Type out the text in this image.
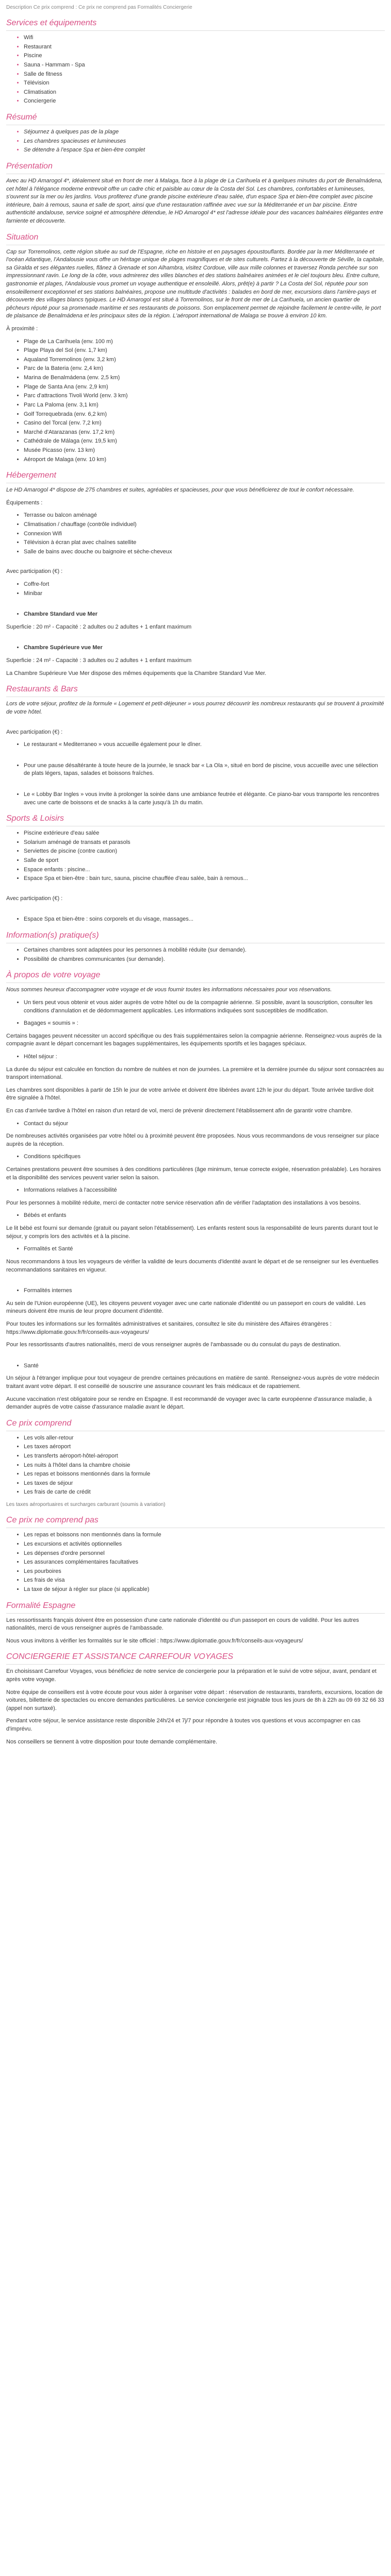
Description Ce prix comprend : Ce prix ne comprend pas Formalités Conciergerie

Services et équipements
• Wifi
• Restaurant
• Piscine
• Sauna - Hammam - Spa
• Salle de fitness
• Télévision
• Climatisation
• Conciergerie
Résumé
• Séjournez à quelques pas de la plage
• Les chambres spacieuses et lumineuses
• Se détendre à l'espace Spa et bien-être complet
Présentation

Avec au HD Amarogol 4*, idéalement situé en front de mer à Malaga, face à la plage de La Carihuela et à quelques minutes du port de Benalmádena, cet hôtel à l'élégance moderne entrevoit offre un cadre chic et paisible au cœur de la Costa del Sol. Les chambres, confortables et lumineuses, s'ouvrent sur la mer ou les jardins. Vous profiterez d'une grande piscine extérieure d'eau salée, d'un espace Spa et bien-être complet avec piscine intérieure, bain à remous, sauna et salle de sport, ainsi que d'une restauration raffinée avec vue sur la Méditerranée et un bar piscine. Entre authenticité andalouse, service soigné et atmosphère détendue, le HD Amarogol 4* est l'adresse idéale pour des vacances balnéaires élégantes entre farniente et découverte.

Situation

Cap sur Torremolinos, cette région située au sud de l'Espagne, riche en histoire et en paysages époustouflants. Bordée par la mer Méditerranée et l'océan Atlantique, l'Andalousie vous offre un héritage unique de plages magnifiques et de sites culturels. Partez à la découverte de Séville, la capitale, sa Giralda et ses élégantes ruelles, flânez à Grenade et son Alhambra, visitez Cordoue, ville aux mille colonnes et traversez Ronda perchée sur son impressionnant ravin. Le long de la côte, vous admirerez des villes blanches et des stations balnéaires animées et le ciel toujours bleu. Entre culture, gastronomie et plages, l'Andalousie vous promet un voyage authentique et ensoleillé. Alors, prêt(e) à partir ? La Costa del Sol, réputée pour son ensoleillement exceptionnel et ses stations balnéaires, propose une multitude d'activités : balades en bord de mer, excursions dans l'arrière-pays et découverte des villages blancs typiques. Le HD Amarogol est situé à Torremolinos, sur le front de mer de La Carihuela, un ancien quartier de pêcheurs réputé pour sa promenade maritime et ses restaurants de poissons. Son emplacement permet de rejoindre facilement le centre-ville, le port de plaisance de Benalmádena et les principaux sites de la région. L'aéroport international de Malaga se trouve à environ 10 km.

À proximité :

• Plage de La Carihuela (env. 100 m)
• Plage Playa del Sol (env. 1,7 km)
• Aqualand Torremolinos (env. 3,2 km)
• Parc de la Bateria (env. 2,4 km)
• Marina de Benalmádena (env. 2,5 km)
• Plage de Santa Ana (env. 2,9 km)
• Parc d'attractions Tivoli World (env. 3 km)
• Parc La Paloma (env. 3,1 km)
• Golf Torrequebrada (env. 6,2 km)
• Casino del Torcal (env. 7,2 km)
• Marché d'Atarazanas (env. 17,2 km)
• Cathédrale de Málaga (env. 19,5 km)
• Musée Picasso (env. 13 km)
• Aéroport de Malaga (env. 10 km)
Hébergement

Le HD Amarogol 4* dispose de 275 chambres et suites, agréables et spacieuses, pour que vous bénéficierez de tout le confort nécessaire.

Équipements :

• Terrasse ou balcon aménagé
• Climatisation / chauffage (contrôle individuel)
• Connexion Wifi
• Télévision à écran plat avec chaînes satellite
• Salle de bains avec douche ou baignoire et sèche-cheveux

Avec participation (€) :

• Coffre-fort
• Minibar
• Chambre Standard vue Mer

Superficie : 20 m² - Capacité : 2 adultes ou 2 adultes + 1 enfant maximum

• Chambre Supérieure vue Mer

Superficie : 24 m² - Capacité : 3 adultes ou 2 adultes + 1 enfant maximum

La Chambre Supérieure Vue Mer dispose des mêmes équipements que la Chambre Standard Vue Mer.

Restaurants & Bars

Lors de votre séjour, profitez de la formule « Logement et petit-déjeuner » vous pourrez découvrir les nombreux restaurants qui se trouvent à proximité de votre hôtel.

Avec participation (€) :

• Le restaurant « Mediterraneo » vous accueille également pour le dîner.
• Pour une pause désaltérante à toute heure de la journée, le snack bar « La Ola », situé en bord de piscine, vous accueille avec une sélection de plats légers, tapas, salades et boissons fraîches.
• Le « Lobby Bar Ingles » vous invite à prolonger la soirée dans une ambiance feutrée et élégante. Ce piano-bar vous transporte les rencontres avec une carte de boissons et de snacks à la carte jusqu'à 1h du matin.
Sports & Loisirs
• Piscine extérieure d'eau salée
• Solarium aménagé de transats et parasols
• Serviettes de piscine (contre caution)
• Salle de sport
• Espace enfants : piscine...
• Espace Spa et bien-être : bain turc, sauna, piscine chauffée d'eau salée, bain à remous...

Avec participation (€) :

• Espace Spa et bien-être : soins corporels et du visage, massages...
Information(s) pratique(s)
• Certaines chambres sont adaptées pour les personnes à mobilité réduite (sur demande).
• Possibilité de chambres communicantes (sur demande).
À propos de votre voyage

Nous sommes heureux d'accompagner votre voyage et de vous fournir toutes les informations nécessaires pour vos réservations.

• Un tiers peut vous obtenir et vous aider auprès de votre hôtel ou de la compagnie aérienne. Si possible, avant la souscription, consulter les conditions d'annulation et de dédommagement applicables. Les informations indiquées sont susceptibles de modification.
• Bagages « soumis » :

Certains bagages peuvent nécessiter un accord spécifique ou des frais supplémentaires selon la compagnie aérienne. Renseignez-vous auprès de la compagnie avant le départ concernant les bagages supplémentaires, les équipements sportifs et les bagages spéciaux.

• Hôtel séjour :

La durée du séjour est calculée en fonction du nombre de nuitées et non de journées. La première et la dernière journée du séjour sont consacrées au transport international.

Les chambres sont disponibles à partir de 15h le jour de votre arrivée et doivent être libérées avant 12h le jour du départ. Toute arrivée tardive doit être signalée à l'hôtel.

En cas d'arrivée tardive à l'hôtel en raison d'un retard de vol, merci de prévenir directement l'établissement afin de garantir votre chambre.

• Contact du séjour

De nombreuses activités organisées par votre hôtel ou à proximité peuvent être proposées. Nous vous recommandons de vous renseigner sur place auprès de la réception.

• Conditions spécifiques

Certaines prestations peuvent être soumises à des conditions particulières (âge minimum, tenue correcte exigée, réservation préalable). Les horaires et la disponibilité des services peuvent varier selon la saison.

• Informations relatives à l'accessibilité

Pour les personnes à mobilité réduite, merci de contacter notre service réservation afin de vérifier l'adaptation des installations à vos besoins.

• Bébés et enfants

Le lit bébé est fourni sur demande (gratuit ou payant selon l'établissement). Les enfants restent sous la responsabilité de leurs parents durant tout le séjour, y compris lors des activités et à la piscine.

• Formalités et Santé

Nous recommandons à tous les voyageurs de vérifier la validité de leurs documents d'identité avant le départ et de se renseigner sur les éventuelles recommandations sanitaires en vigueur.

• Formalités internes

Au sein de l'Union européenne (UE), les citoyens peuvent voyager avec une carte nationale d'identité ou un passeport en cours de validité. Les mineurs doivent être munis de leur propre document d'identité.

Pour toutes les informations sur les formalités administratives et sanitaires, consultez le site du ministère des Affaires étrangères : https://www.diplomatie.gouv.fr/fr/conseils-aux-voyageurs/

Pour les ressortissants d'autres nationalités, merci de vous renseigner auprès de l'ambassade ou du consulat du pays de destination.

• Santé

Un séjour à l'étranger implique pour tout voyageur de prendre certaines précautions en matière de santé. Renseignez-vous auprès de votre médecin traitant avant votre départ. Il est conseillé de souscrire une assurance couvrant les frais médicaux et de rapatriement.

Aucune vaccination n'est obligatoire pour se rendre en Espagne. Il est recommandé de voyager avec la carte européenne d'assurance maladie, à demander auprès de votre caisse d'assurance maladie avant le départ.

Ce prix comprend
• Les vols aller-retour
• Les taxes aéroport
• Les transferts aéroport-hôtel-aéroport
• Les nuits à l'hôtel dans la chambre choisie
• Les repas et boissons mentionnés dans la formule
• Les taxes de séjour
• Les frais de carte de crédit

Les taxes aéroportuaires et surcharges carburant (soumis à variation)

Ce prix ne comprend pas
• Les repas et boissons non mentionnés dans la formule
• Les excursions et activités optionnelles
• Les dépenses d'ordre personnel
• Les assurances complémentaires facultatives
• Les pourboires
• Les frais de visa
• La taxe de séjour à régler sur place (si applicable)
Formalité Espagne

Les ressortissants français doivent être en possession d'une carte nationale d'identité ou d'un passeport en cours de validité. Pour les autres nationalités, merci de vous renseigner auprès de l'ambassade.

Nous vous invitons à vérifier les formalités sur le site officiel : https://www.diplomatie.gouv.fr/fr/conseils-aux-voyageurs/

CONCIERGERIE ET ASSISTANCE CARREFOUR VOYAGES

En choisissant Carrefour Voyages, vous bénéficiez de notre service de conciergerie pour la préparation et le suivi de votre séjour, avant, pendant et après votre voyage.

Notre équipe de conseillers est à votre écoute pour vous aider à organiser votre départ : réservation de restaurants, transferts, excursions, location de voitures, billetterie de spectacles ou encore demandes particulières. Le service conciergerie est joignable tous les jours de 8h à 22h au 09 69 32 66 33 (appel non surtaxé).

Pendant votre séjour, le service assistance reste disponible 24h/24 et 7j/7 pour répondre à toutes vos questions et vous accompagner en cas d'imprévu.

Nos conseillers se tiennent à votre disposition pour toute demande complémentaire.
